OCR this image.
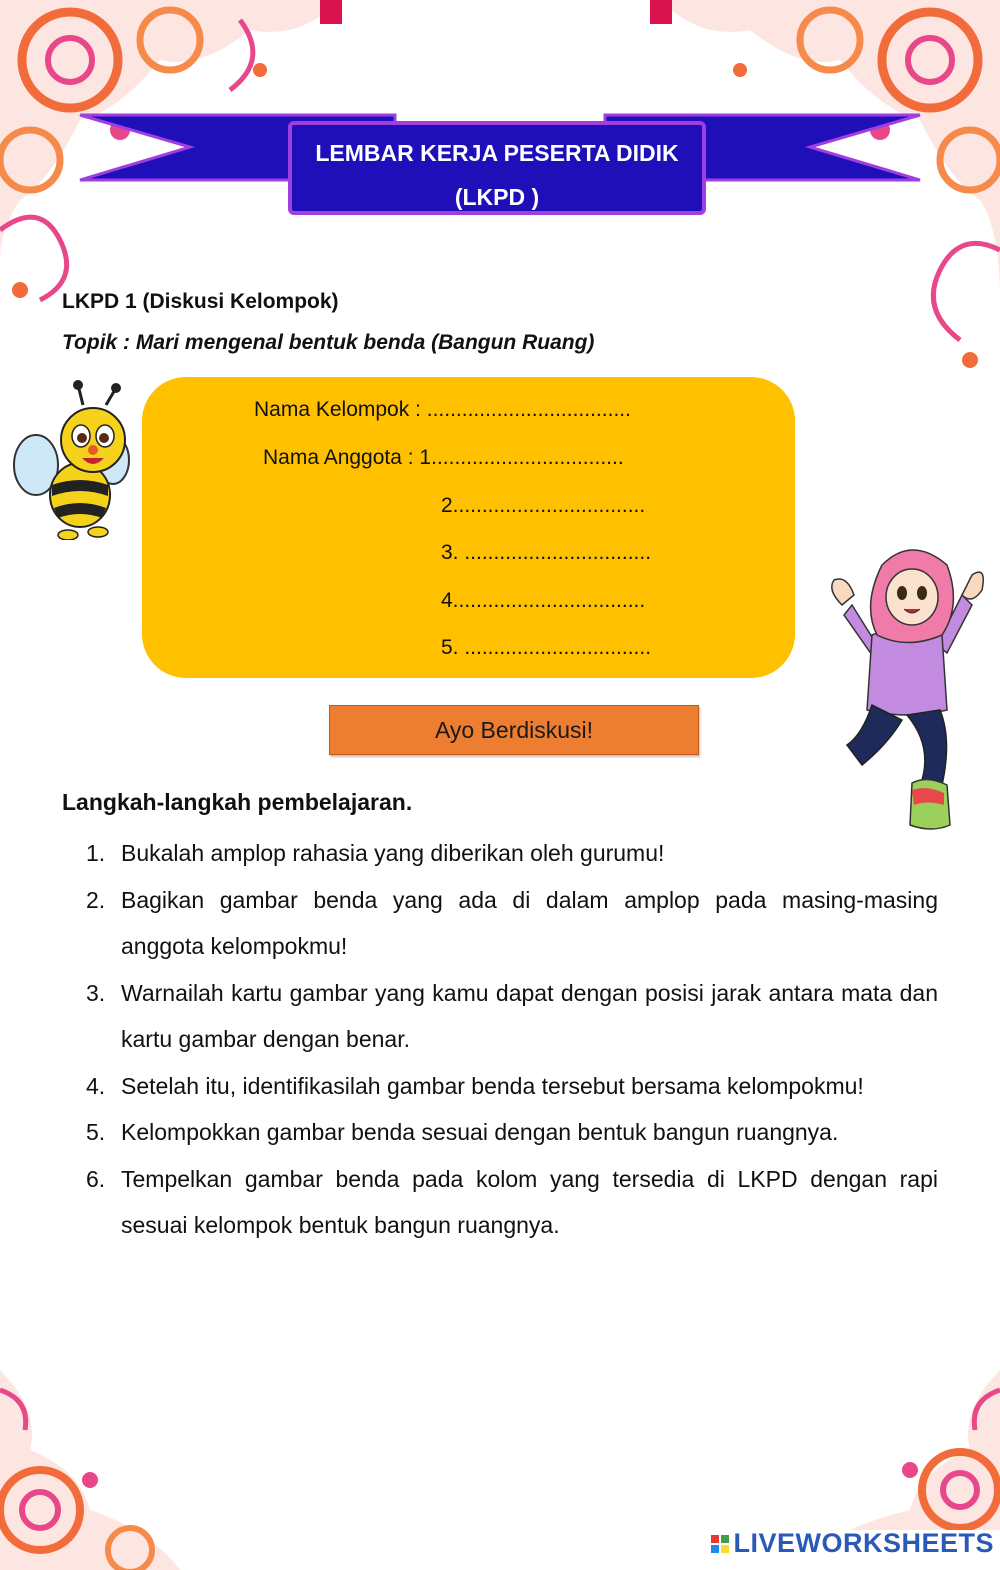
LEMBAR KERJA PESERTA DIDIK
(LKPD )
LKPD 1 (Diskusi Kelompok)
Topik : Mari mengenal bentuk benda (Bangun Ruang)
Nama Kelompok : ...................................
Nama Anggota : 1.................................
2.................................
3. ................................
4.................................
5. ................................
Ayo Berdiskusi!
Langkah-langkah pembelajaran.
1. Bukalah amplop rahasia yang diberikan oleh gurumu!
2. Bagikan gambar benda yang ada di dalam amplop pada masing-masing anggota kelompokmu!
3. Warnailah kartu gambar yang kamu dapat dengan posisi jarak antara mata dan kartu gambar dengan benar.
4. Setelah itu, identifikasilah gambar benda tersebut bersama kelompokmu!
5. Kelompokkan gambar benda sesuai dengan bentuk bangun ruangnya.
6. Tempelkan gambar benda pada kolom yang tersedia di LKPD dengan rapi sesuai kelompok bentuk bangun ruangnya.
LIVEWORKSHEETS
